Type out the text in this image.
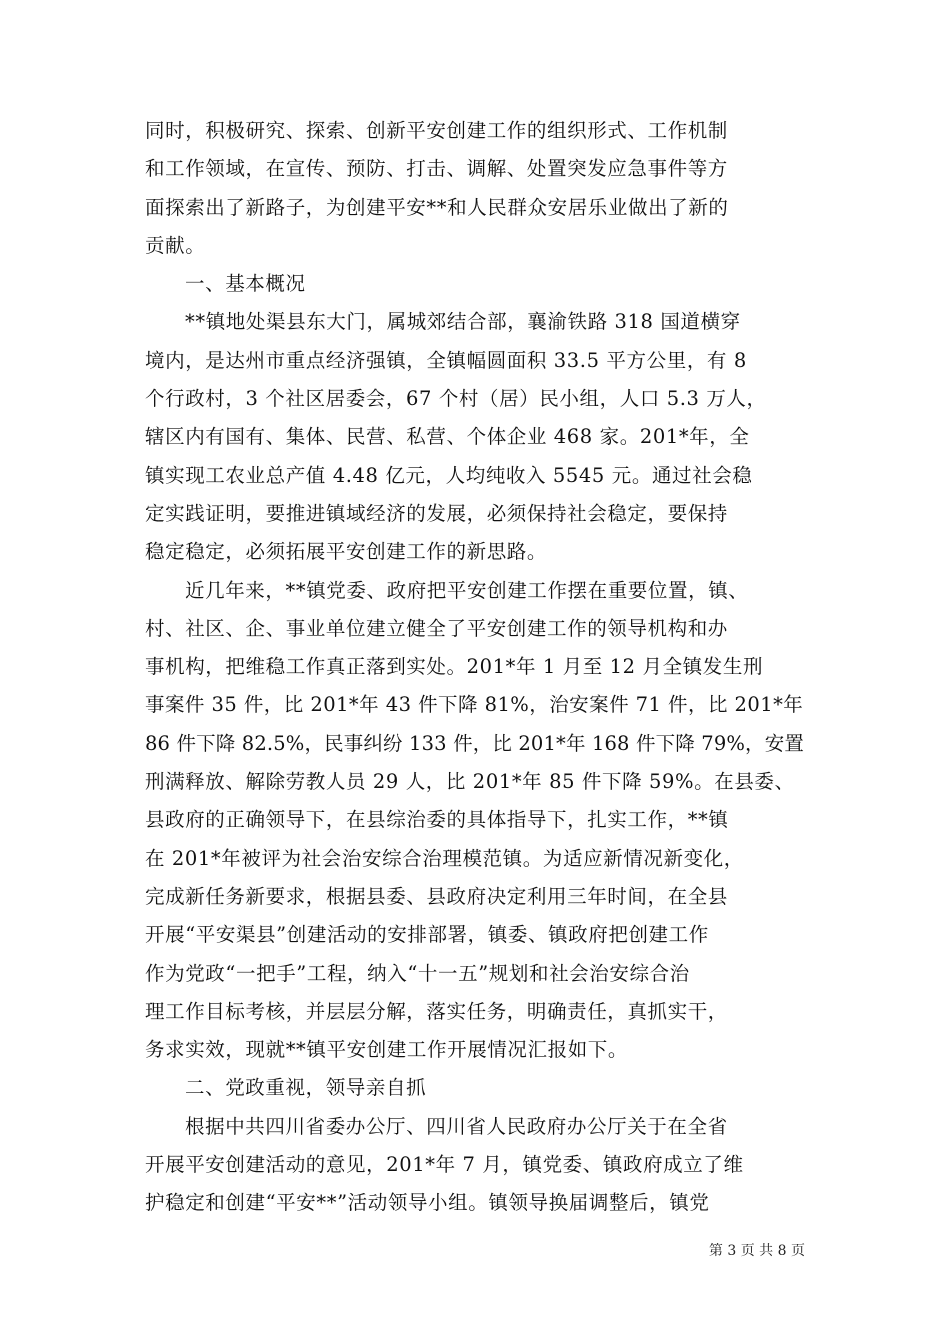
同时，积极研究、探索、创新平安创建工作的组织形式、工作机制
和工作领域，在宣传、预防、打击、调解、处置突发应急事件等方
面探索出了新路子，为创建平安**和人民群众安居乐业做出了新的
贡献。
一、基本概况
**镇地处渠县东大门，属城郊结合部，襄渝铁路 318 国道横穿
境内，是达州市重点经济强镇，全镇幅圆面积 33.5 平方公里，有 8
个行政村，3 个社区居委会，67 个村（居）民小组，人口 5.3 万人，
辖区内有国有、集体、民营、私营、个体企业 468 家。201*年，全
镇实现工农业总产值 4.48 亿元，人均纯收入 5545 元。通过社会稳
定实践证明，要推进镇域经济的发展，必须保持社会稳定，要保持
稳定稳定，必须拓展平安创建工作的新思路。
近几年来，**镇党委、政府把平安创建工作摆在重要位置，镇、
村、社区、企、事业单位建立健全了平安创建工作的领导机构和办
事机构，把维稳工作真正落到实处。201*年 1 月至 12 月全镇发生刑
事案件 35 件，比 201*年 43 件下降 81%，治安案件 71 件，比 201*年
86 件下降 82.5%，民事纠纷 133 件，比 201*年 168 件下降 79%，安置
刑满释放、解除劳教人员 29 人，比 201*年 85 件下降 59%。在县委、
县政府的正确领导下，在县综治委的具体指导下，扎实工作，**镇
在 201*年被评为社会治安综合治理模范镇。为适应新情况新变化，
完成新任务新要求，根据县委、县政府决定利用三年时间，在全县
开展“平安渠县”创建活动的安排部署，镇委、镇政府把创建工作
作为党政“一把手”工程，纳入“十一五”规划和社会治安综合治
理工作目标考核，并层层分解，落实任务，明确责任，真抓实干，
务求实效，现就**镇平安创建工作开展情况汇报如下。
二、党政重视，领导亲自抓
根据中共四川省委办公厅、四川省人民政府办公厅关于在全省
开展平安创建活动的意见，201*年 7 月，镇党委、镇政府成立了维
护稳定和创建“平安**”活动领导小组。镇领导换届调整后，镇党
第 3 页 共 8 页
